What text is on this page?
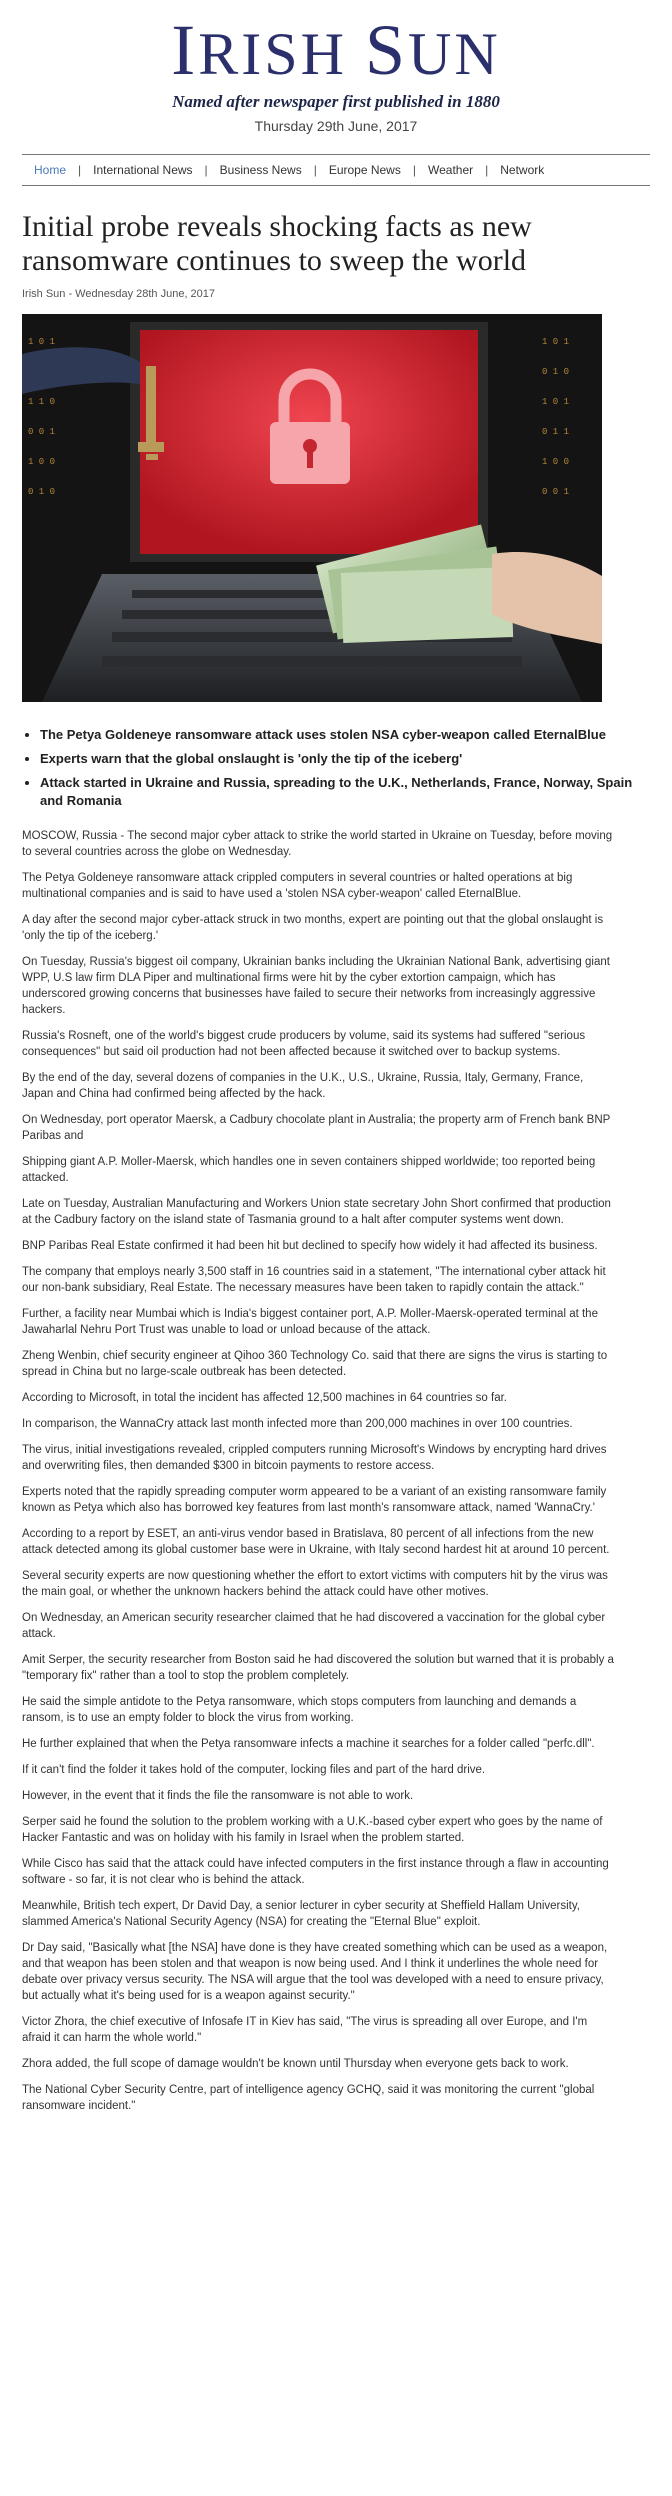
IRISH SUN
Named after newspaper first published in 1880
Thursday 29th June, 2017
Home	|	International News	|	Business News	|	Europe News	|	Weather	|	Network
Initial probe reveals shocking facts as new ransomware continues to sweep the world
Irish Sun - Wednesday 28th June, 2017
1 0 1
1 1 0
0 0 1
1 0 0
0 1 0
1 0 1
0 1 0
1 0 1
0 1 1
1 0 0
0 0 1
• The Petya Goldeneye ransomware attack uses stolen NSA cyber-weapon called EternalBlue
• Experts warn that the global onslaught is 'only the tip of the iceberg'
• Attack started in Ukraine and Russia, spreading to the U.K., Netherlands, France, Norway, Spain and Romania

MOSCOW, Russia - The second major cyber attack to strike the world started in Ukraine on Tuesday, before moving to several countries across the globe on Wednesday.

The Petya Goldeneye ransomware attack crippled computers in several countries or halted operations at big multinational companies and is said to have used a 'stolen NSA cyber-weapon' called EternalBlue.

A day after the second major cyber-attack struck in two months, expert are pointing out that the global onslaught is 'only the tip of the iceberg.'

On Tuesday, Russia's biggest oil company, Ukrainian banks including the Ukrainian National Bank, advertising giant WPP, U.S law firm DLA Piper and multinational firms were hit by the cyber extortion campaign, which has underscored growing concerns that businesses have failed to secure their networks from increasingly aggressive hackers.

Russia's Rosneft, one of the world's biggest crude producers by volume, said its systems had suffered "serious consequences" but said oil production had not been affected because it switched over to backup systems.

By the end of the day, several dozens of companies in the U.K., U.S., Ukraine, Russia, Italy, Germany, France, Japan and China had confirmed being affected by the hack.

On Wednesday, port operator Maersk, a Cadbury chocolate plant in Australia; the property arm of French bank BNP Paribas and

Shipping giant A.P. Moller-Maersk, which handles one in seven containers shipped worldwide; too reported being attacked.

Late on Tuesday, Australian Manufacturing and Workers Union state secretary John Short confirmed that production at the Cadbury factory on the island state of Tasmania ground to a halt after computer systems went down.

BNP Paribas Real Estate confirmed it had been hit but declined to specify how widely it had affected its business.

The company that employs nearly 3,500 staff in 16 countries said in a statement, "The international cyber attack hit our non-bank subsidiary, Real Estate. The necessary measures have been taken to rapidly contain the attack."

Further, a facility near Mumbai which is India's biggest container port, A.P. Moller-Maersk-operated terminal at the Jawaharlal Nehru Port Trust was unable to load or unload because of the attack.

Zheng Wenbin, chief security engineer at Qihoo 360 Technology Co. said that there are signs the virus is starting to spread in China but no large-scale outbreak has been detected.

According to Microsoft, in total the incident has affected 12,500 machines in 64 countries so far.

In comparison, the WannaCry attack last month infected more than 200,000 machines in over 100 countries.

The virus, initial investigations revealed, crippled computers running Microsoft's Windows by encrypting hard drives and overwriting files, then demanded $300 in bitcoin payments to restore access.

Experts noted that the rapidly spreading computer worm appeared to be a variant of an existing ransomware family known as Petya which also has borrowed key features from last month's ransomware attack, named 'WannaCry.'

According to a report by ESET, an anti-virus vendor based in Bratislava, 80 percent of all infections from the new attack detected among its global customer base were in Ukraine, with Italy second hardest hit at around 10 percent.

Several security experts are now questioning whether the effort to extort victims with computers hit by the virus was the main goal, or whether the unknown hackers behind the attack could have other motives.

On Wednesday, an American security researcher claimed that he had discovered a vaccination for the global cyber attack.

Amit Serper, the security researcher from Boston said he had discovered the solution but warned that it is probably a "temporary fix" rather than a tool to stop the problem completely.

He said the simple antidote to the Petya ransomware, which stops computers from launching and demands a ransom, is to use an empty folder to block the virus from working.

He further explained that when the Petya ransomware infects a machine it searches for a folder called "perfc.dll".

If it can't find the folder it takes hold of the computer, locking files and part of the hard drive.

However, in the event that it finds the file the ransomware is not able to work.

Serper said he found the solution to the problem working with a U.K.-based cyber expert who goes by the name of Hacker Fantastic and was on holiday with his family in Israel when the problem started.

While Cisco has said that the attack could have infected computers in the first instance through a flaw in accounting software - so far, it is not clear who is behind the attack.

Meanwhile, British tech expert, Dr David Day, a senior lecturer in cyber security at Sheffield Hallam University, slammed America's National Security Agency (NSA) for creating the "Eternal Blue" exploit.

Dr Day said, "Basically what [the NSA] have done is they have created something which can be used as a weapon, and that weapon has been stolen and that weapon is now being used. And I think it underlines the whole need for debate over privacy versus security. The NSA will argue that the tool was developed with a need to ensure privacy, but actually what it's being used for is a weapon against security."

Victor Zhora, the chief executive of Infosafe IT in Kiev has said, "The virus is spreading all over Europe, and I'm afraid it can harm the whole world."

Zhora added, the full scope of damage wouldn't be known until Thursday when everyone gets back to work.

The National Cyber Security Centre, part of intelligence agency GCHQ, said it was monitoring the current "global ransomware incident."
